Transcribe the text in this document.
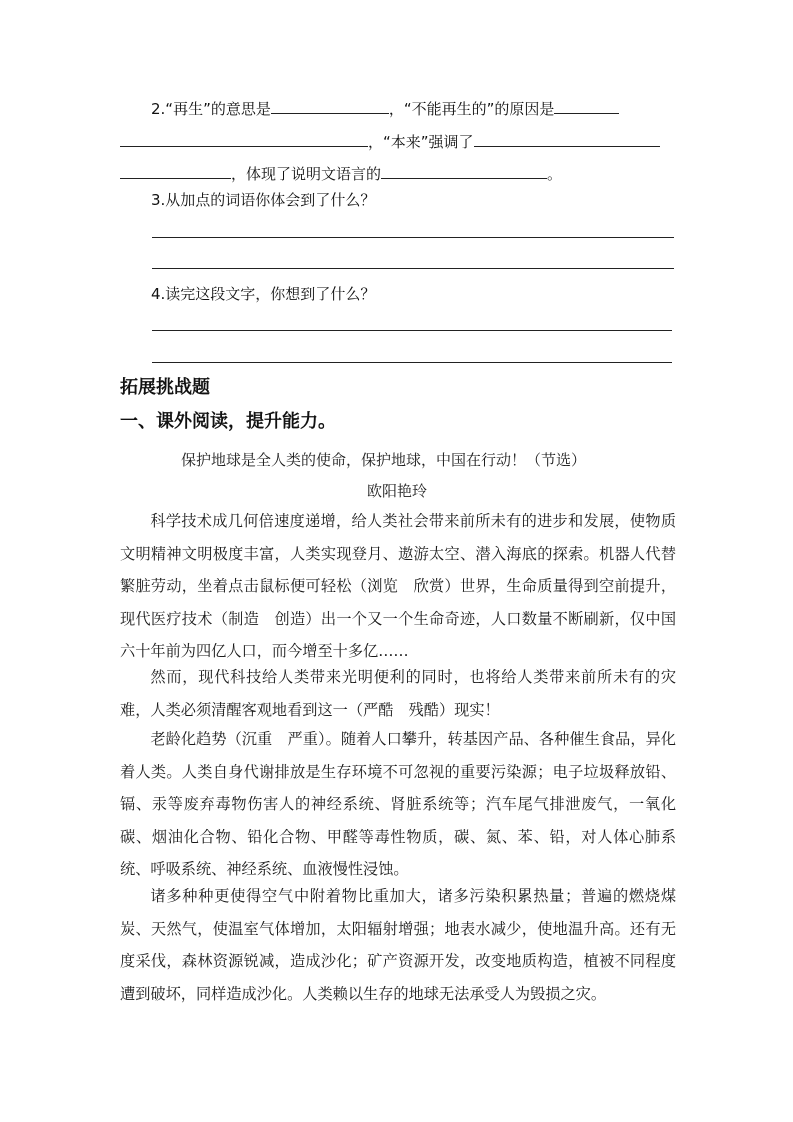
2.“再生”的意思是	，“不能再生的”的原因是
，“本来”强调了
，体现了说明文语言的	。
3.从加点的词语你体会到了什么？
4.读完这段文字，你想到了什么？
拓展挑战题
一、课外阅读，提升能力。
保护地球是全人类的使命，保护地球，中国在行动！（节选）
欧阳艳玲

科学技术成几何倍速度递增，给人类社会带来前所未有的进步和发展，使物质文明精神文明极度丰富，人类实现登月、遨游太空、潜入海底的探索。机器人代替繁脏劳动，坐着点击鼠标便可轻松（浏览　欣赏）世界，生命质量得到空前提升，现代医疗技术（制造　创造）出一个又一个生命奇迹，人口数量不断刷新，仅中国六十年前为四亿人口，而今增至十多亿……

然而，现代科技给人类带来光明便利的同时，也将给人类带来前所未有的灾难，人类必须清醒客观地看到这一（严酷　残酷）现实！

老龄化趋势（沉重　严重）。随着人口攀升，转基因产品、各种催生食品，异化着人类。人类自身代谢排放是生存环境不可忽视的重要污染源；电子垃圾释放铅、镉、汞等废弃毒物伤害人的神经系统、肾脏系统等；汽车尾气排泄废气，一氧化碳、烟油化合物、铅化合物、甲醛等毒性物质，碳、氮、苯、铅，对人体心肺系统、呼吸系统、神经系统、血液慢性浸蚀。

诸多种种更使得空气中附着物比重加大，诸多污染积累热量；普遍的燃烧煤炭、天然气，使温室气体增加，太阳辐射增强；地表水减少，使地温升高。还有无度采伐，森林资源锐减，造成沙化；矿产资源开发，改变地质构造，植被不同程度遭到破坏，同样造成沙化。人类赖以生存的地球无法承受人为毁损之灾。
